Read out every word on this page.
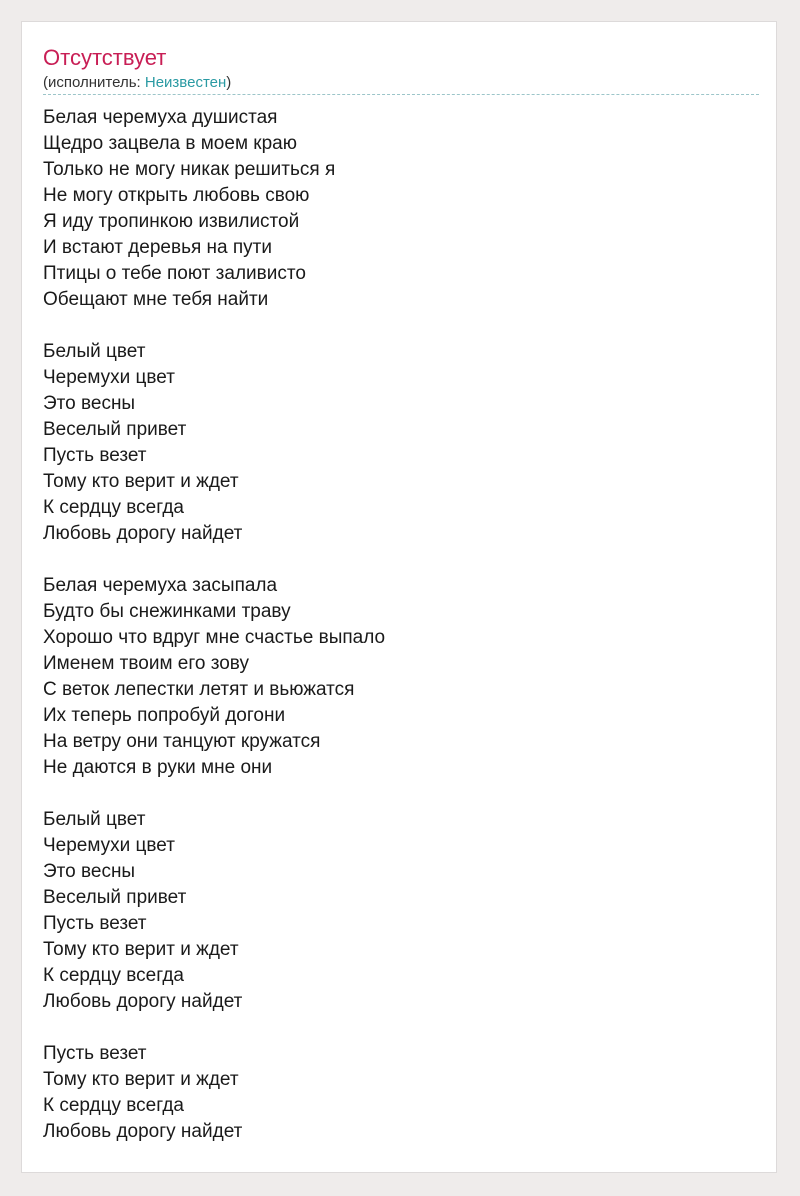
Отсутствует
(исполнитель: Неизвестен)
Белая черемуха душистая
Щедро зацвела в моем краю
Только не могу никак решиться я
Не могу открыть любовь свою
Я иду тропинкою извилистой
И встают деревья на пути
Птицы о тебе поют заливисто
Обещают мне тебя найти
Белый цвет
Черемухи цвет
Это весны
Веселый привет
Пусть везет
Тому кто верит и ждет
К сердцу всегда
Любовь дорогу найдет
Белая черемуха засыпала
Будто бы снежинками траву
Хорошо что вдруг мне счастье выпало
Именем твоим его зову
С веток лепестки летят и вьюжатся
Их теперь попробуй догони
На ветру они танцуют кружатся
Не даются в руки мне они
Белый цвет
Черемухи цвет
Это весны
Веселый привет
Пусть везет
Тому кто верит и ждет
К сердцу всегда
Любовь дорогу найдет
Пусть везет
Тому кто верит и ждет
К сердцу всегда
Любовь дорогу найдет
